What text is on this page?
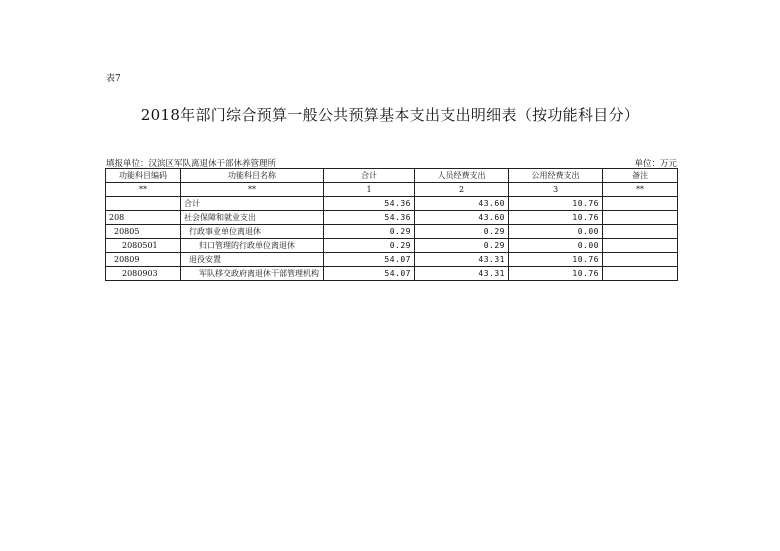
表7
2018年部门综合预算一般公共预算基本支出支出明细表（按功能科目分）
填报单位：汉滨区军队离退休干部休养管理所	单位：万元
功能科目编码	功能科目名称	合计	人员经费支出	公用经费支出	备注
**	**	1	2	3	**
	合计	54.36	43.60	10.76	
208	社会保障和就业支出	54.36	43.60	10.76	
20805	行政事业单位离退休	0.29	0.29	0.00	
2080501	归口管理的行政单位离退休	0.29	0.29	0.00	
20809	退役安置	54.07	43.31	10.76	
2080903	军队移交政府离退休干部管理机构	54.07	43.31	10.76	
